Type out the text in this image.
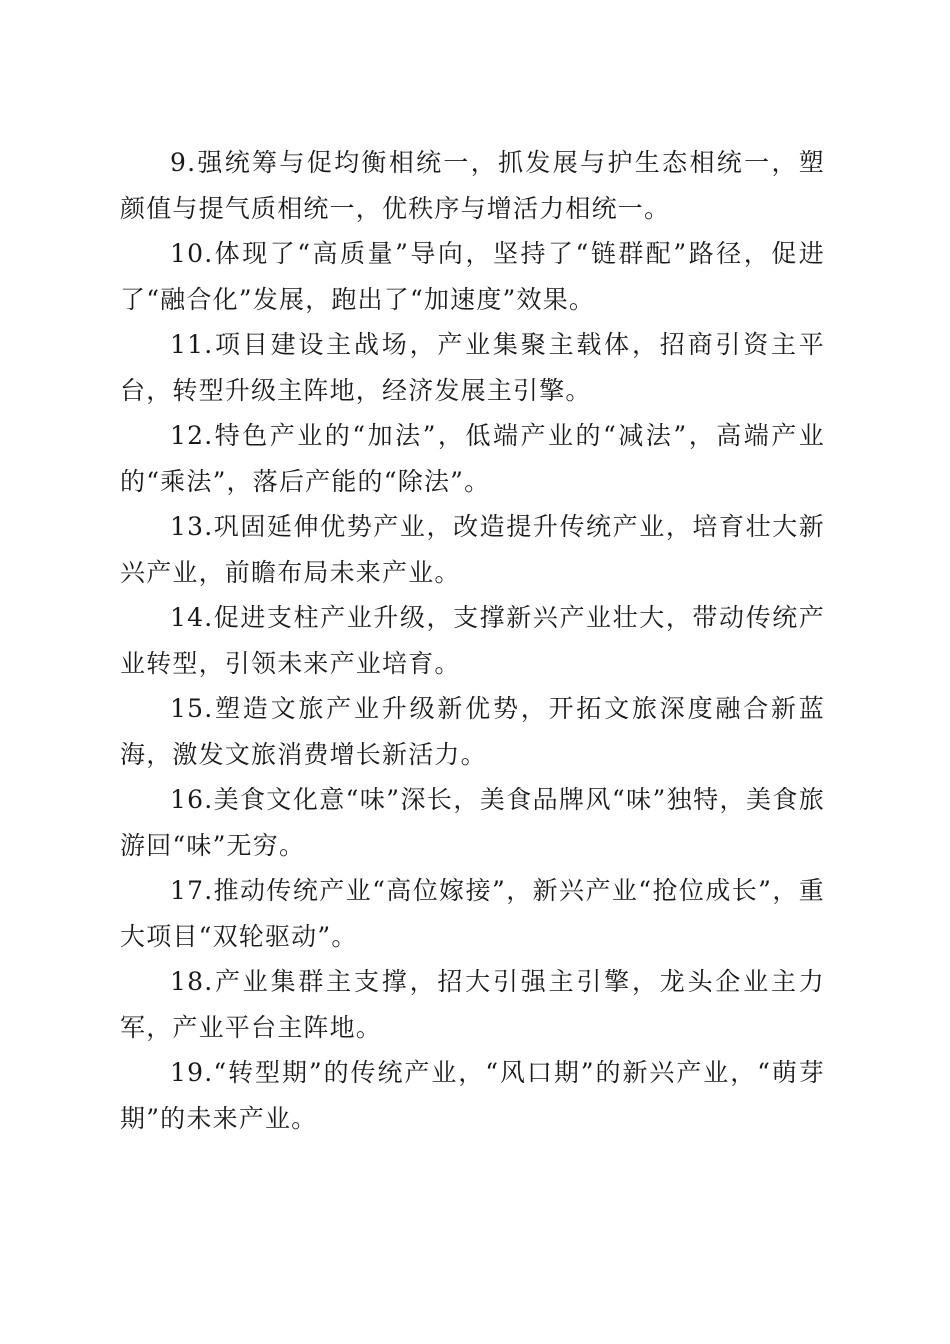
9.强统筹与促均衡相统一，抓发展与护生态相统一，塑颜值与提气质相统一，优秩序与增活力相统一。

10.体现了“高质量”导向，坚持了“链群配”路径，促进了“融合化”发展，跑出了“加速度”效果。

11.项目建设主战场，产业集聚主载体，招商引资主平台，转型升级主阵地，经济发展主引擎。

12.特色产业的“加法”，低端产业的“减法”，高端产业的“乘法”，落后产能的“除法”。

13.巩固延伸优势产业，改造提升传统产业，培育壮大新兴产业，前瞻布局未来产业。

14.促进支柱产业升级，支撑新兴产业壮大，带动传统产业转型，引领未来产业培育。

15.塑造文旅产业升级新优势，开拓文旅深度融合新蓝海，激发文旅消费增长新活力。

16.美食文化意“味”深长，美食品牌风“味”独特，美食旅游回“味”无穷。

17.推动传统产业“高位嫁接”，新兴产业“抢位成长”，重大项目“双轮驱动”。

18.产业集群主支撑，招大引强主引擎，龙头企业主力军，产业平台主阵地。

19.“转型期”的传统产业，“风口期”的新兴产业，“萌芽期”的未来产业。
